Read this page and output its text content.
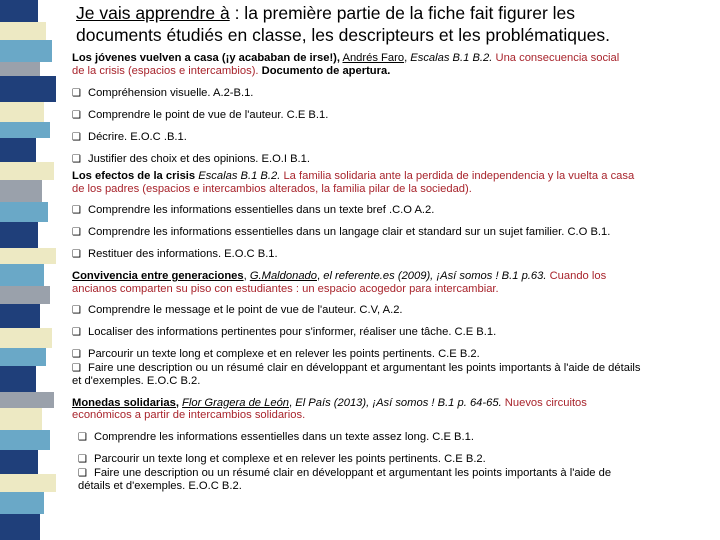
Je vais apprendre à : la première partie de la fiche fait figurer les
documents étudiés en classe, les descripteurs et les problématiques.
Los jóvenes vuelven a casa (¡y acababan de irse!), Andrés Faro, Escalas B.1 B.2. Una consecuencia social
de la crisis (espacios e intercambios). Documento de apertura.
❑ Compréhension visuelle. A.2-B.1.
❑ Comprendre le point de vue de l'auteur. C.E B.1.
❑ Décrire. E.O.C .B.1.
❑ Justifier des choix et des opinions. E.O.I B.1.
Los efectos de la crisis Escalas B.1 B.2. La familia solidaria ante la perdida de independencia y la vuelta a casa
de los padres (espacios e intercambios alterados, la familia pilar de la sociedad).
❑ Comprendre les informations essentielles dans un texte bref .C.O A.2.
❑ Comprendre les informations essentielles dans un langage clair et standard sur un sujet familier. C.O B.1.
❑ Restituer des informations. E.O.C B.1.
Convivencia entre generaciones, G.Maldonado, el referente.es (2009), ¡Así somos ! B.1 p.63. Cuando los
ancianos comparten su piso con estudiantes : un espacio acogedor para intercambiar.
❑ Comprendre le message et le point de vue de l'auteur. C.V, A.2.
❑ Localiser des informations pertinentes pour s'informer, réaliser une tâche. C.E B.1.
❑ Parcourir un texte long et complexe et en relever les points pertinents. C.E B.2.
❑ Faire une description ou un résumé clair en développant et argumentant les points importants à l'aide de détails
et d'exemples. E.O.C B.2.
Monedas solidarias, Flor Gragera de León, El País (2013), ¡Así somos ! B.1 p. 64-65. Nuevos circuitos
económicos a partir de intercambios solidarios.
❑ Comprendre les informations essentielles dans un texte assez long. C.E B.1.
❑ Parcourir un texte long et complexe et en relever les points pertinents. C.E B.2.
❑ Faire une description ou un résumé clair en développant et argumentant les points importants à l'aide de
détails et d'exemples. E.O.C B.2.
